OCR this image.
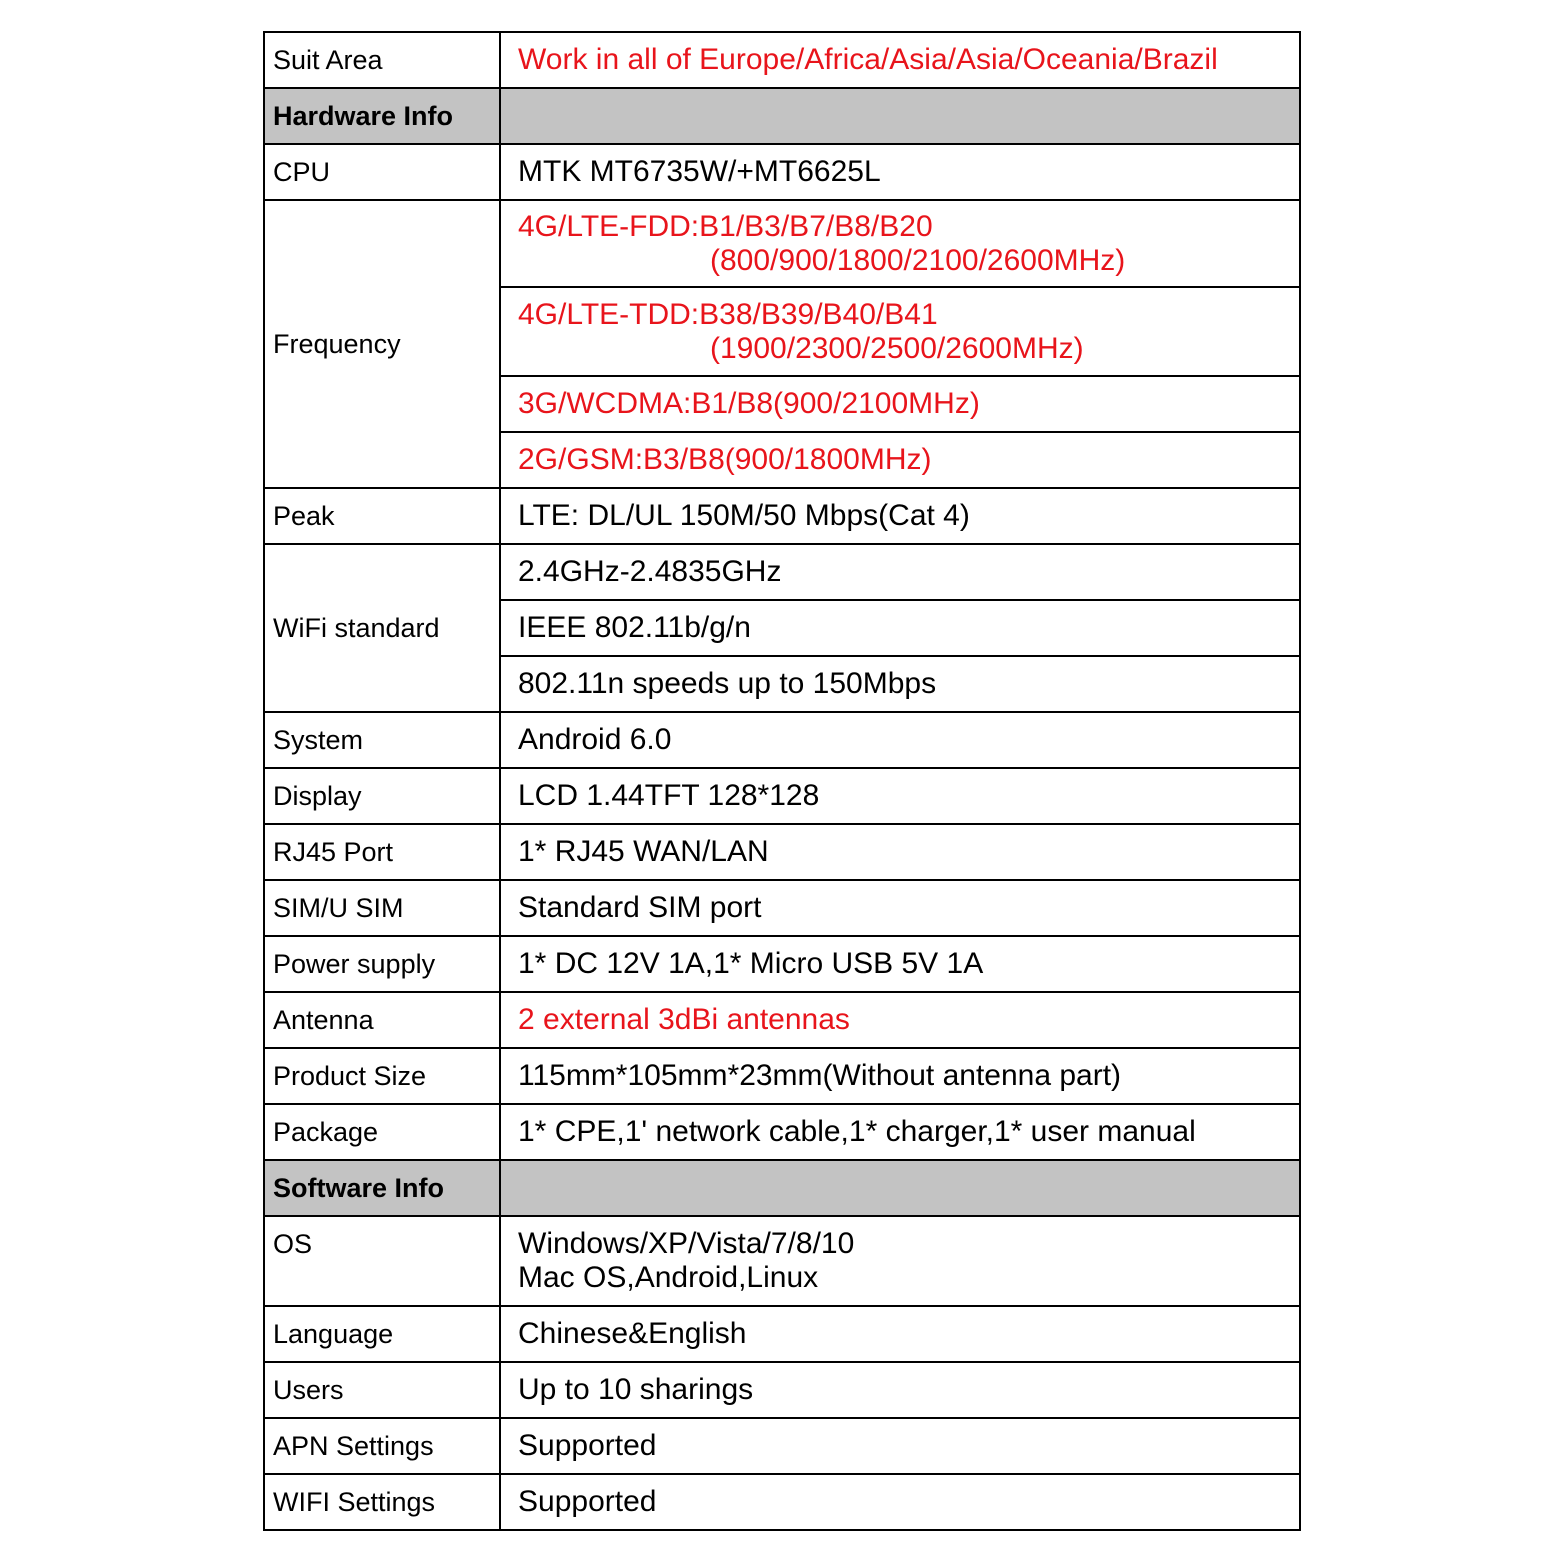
Suit Area	Work in all of Europe/Africa/Asia/Asia/Oceania/Brazil
Hardware Info	
CPU	MTK MT6735W/+MT6625L
Frequency	4G/LTE-FDD:B1/B3/B7/B8/B20
(800/900/1800/2100/2600MHz)

	4G/LTE-TDD:B38/B39/B40/B41
(1900/2300/2500/2600MHz)

	3G/WCDMA:B1/B8(900/2100MHz)
	2G/GSM:B3/B8(900/1800MHz)
Peak	LTE: DL/UL 150M/50 Mbps(Cat 4)
WiFi standard	2.4GHz-2.4835GHz
	IEEE 802.11b/g/n
	802.11n speeds up to 150Mbps
System	Android 6.0
Display	LCD 1.44TFT 128*128
RJ45 Port	1* RJ45 WAN/LAN
SIM/U SIM	Standard SIM port
Power supply	1* DC 12V 1A,1* Micro USB 5V 1A
Antenna	2 external 3dBi antennas
Product Size	115mm*105mm*23mm(Without antenna part)
Package	1* CPE,1' network cable,1* charger,1* user manual
Software Info	
OS	Windows/XP/Vista/7/8/10
Mac OS,Android,Linux

Language	Chinese&English
Users	Up to 10 sharings
APN Settings	Supported
WIFI Settings	Supported
